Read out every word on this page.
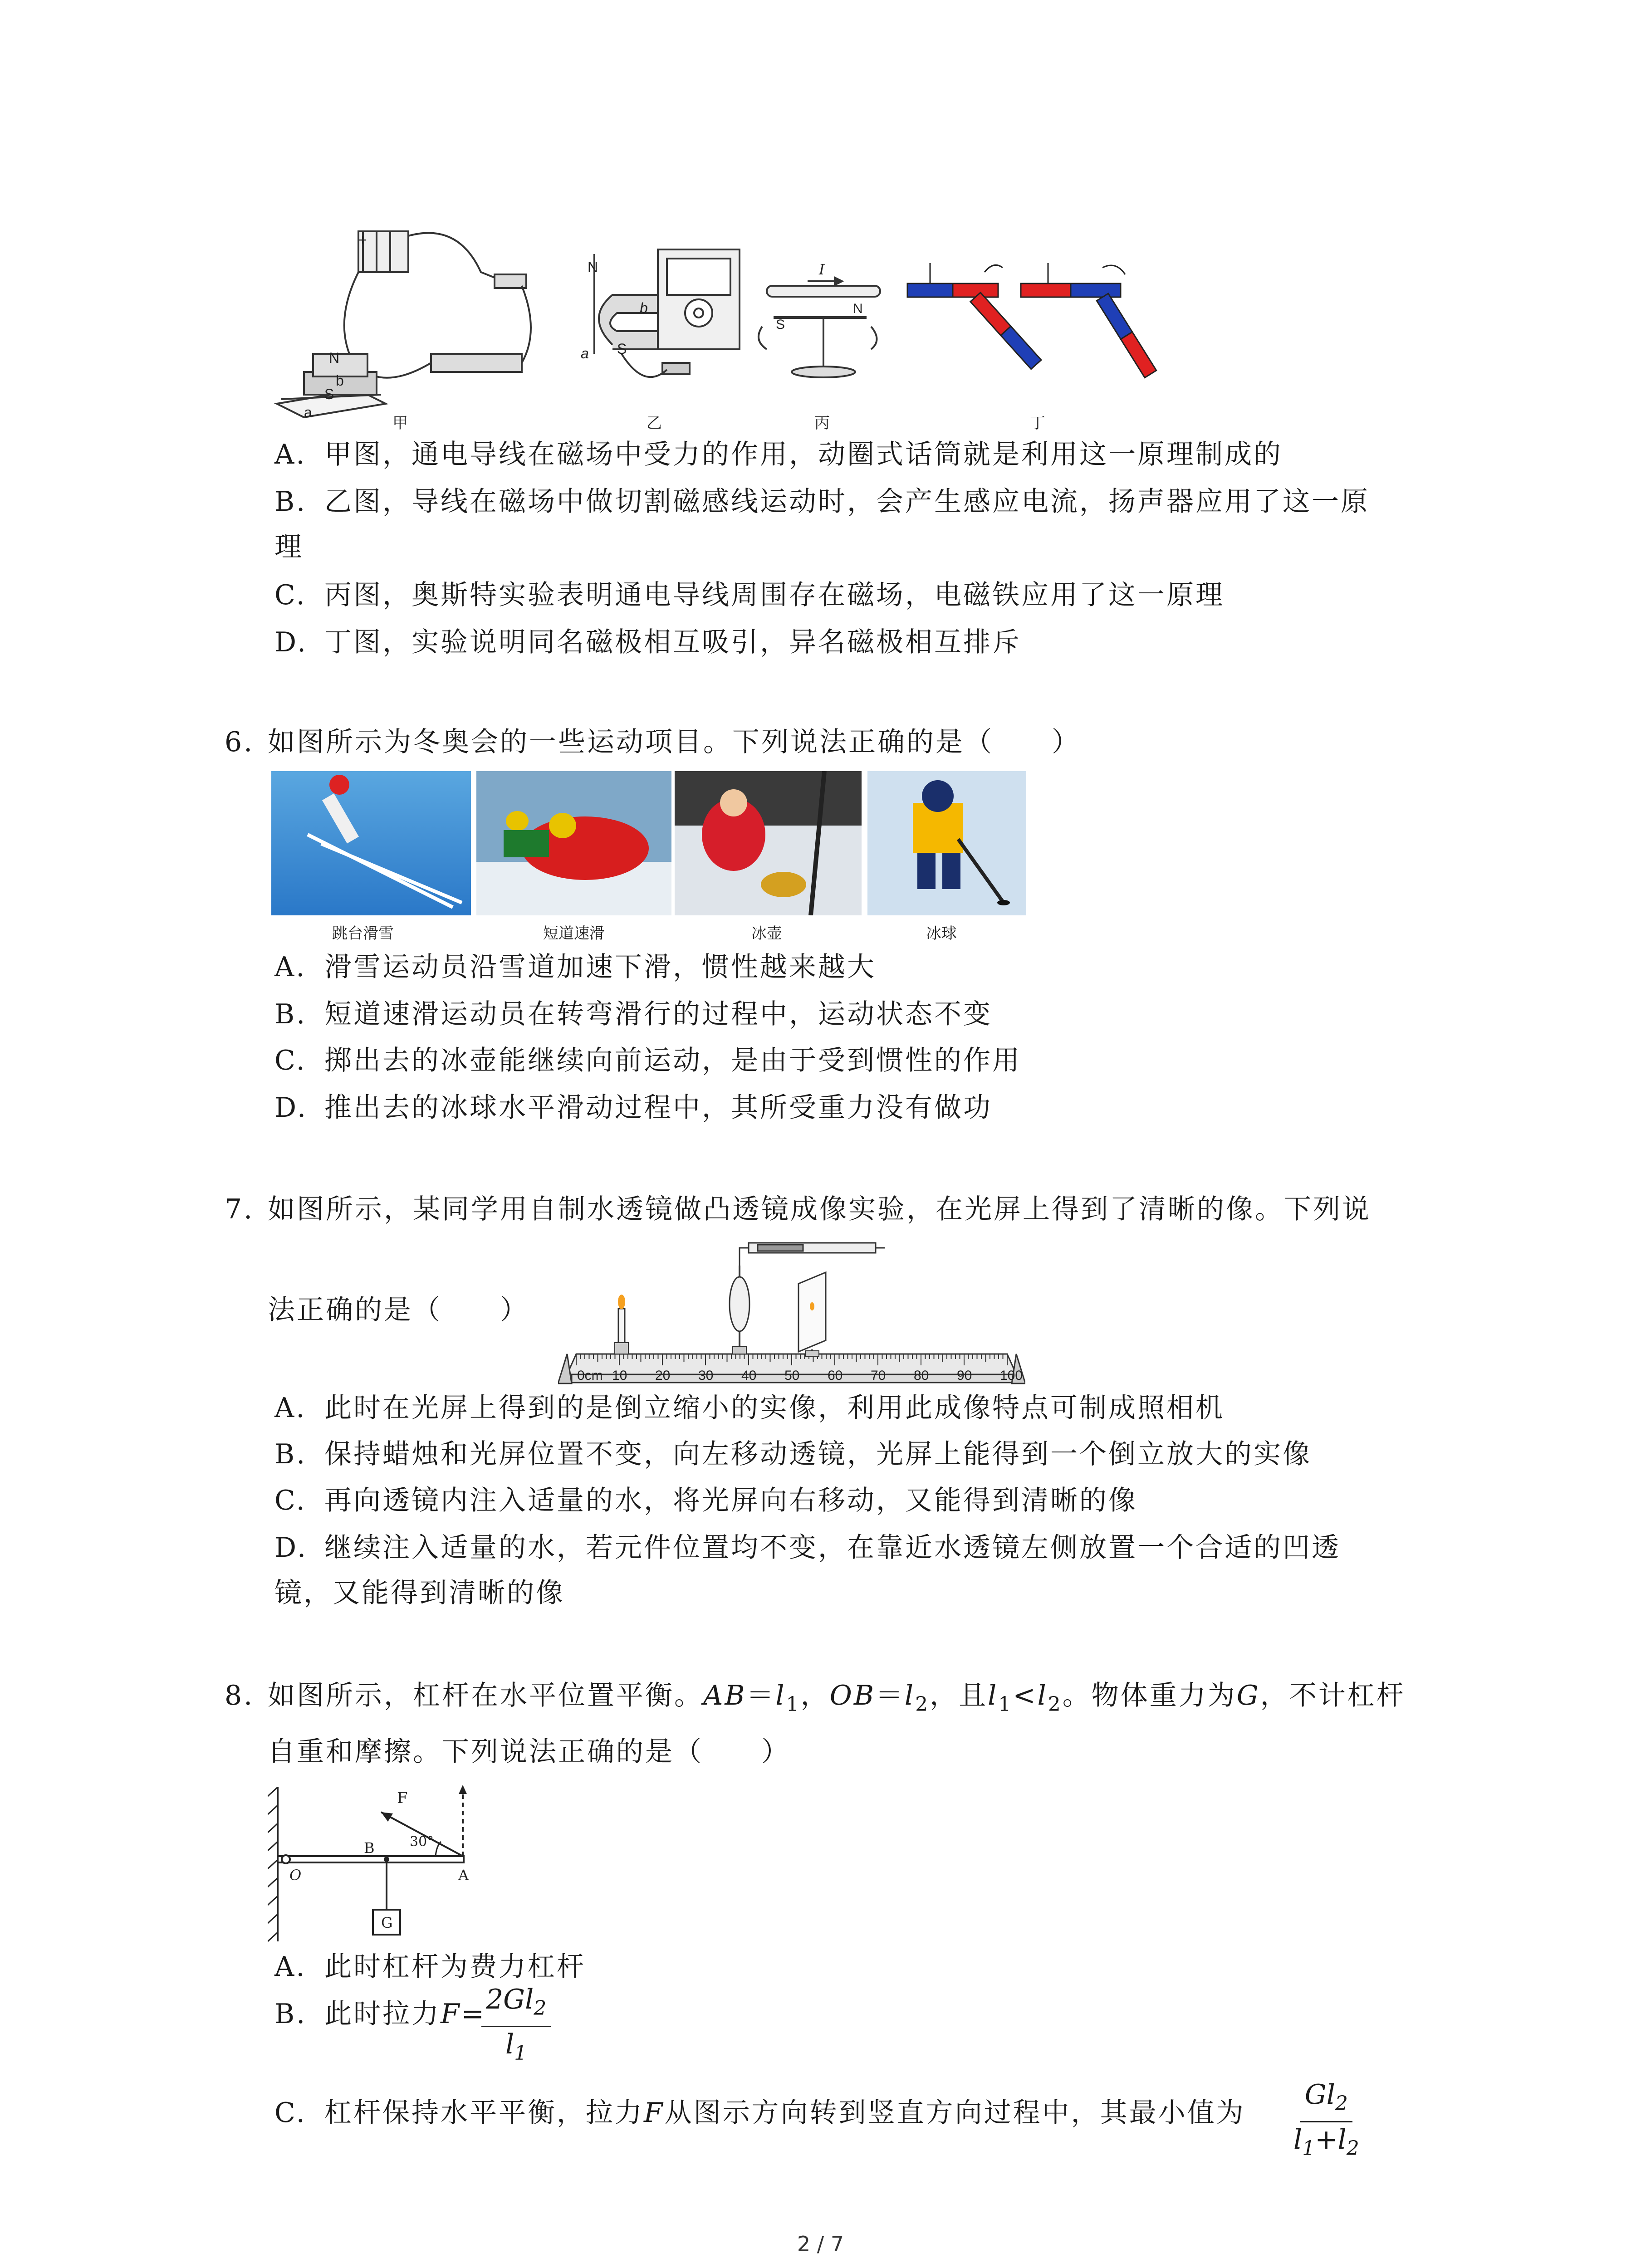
+
N
b
S
a
N
S
a
b
I
S
N
甲	乙	丙	丁
A. 甲图，通电导线在磁场中受力的作用，动圈式话筒就是利用这一原理制成的
B. 乙图，导线在磁场中做切割磁感线运动时，会产生感应电流，扬声器应用了这一原
理
C. 丙图，奥斯特实验表明通电导线周围存在磁场，电磁铁应用了这一原理
D. 丁图，实验说明同名磁极相互吸引，异名磁极相互排斥
6. 如图所示为冬奥会的一些运动项目。下列说法正确的是（　　）
跳台滑雪	短道速滑	冰壶	冰球
A. 滑雪运动员沿雪道加速下滑，惯性越来越大
B. 短道速滑运动员在转弯滑行的过程中，运动状态不变
C. 掷出去的冰壶能继续向前运动，是由于受到惯性的作用
D. 推出去的冰球水平滑动过程中，其所受重力没有做功
7. 如图所示，某同学用自制水透镜做凸透镜成像实验，在光屏上得到了清晰的像。下列说
法正确的是（　　）
0cm 10 20 30 40 50 60 70 80 90 100
A. 此时在光屏上得到的是倒立缩小的实像，利用此成像特点可制成照相机
B. 保持蜡烛和光屏位置不变，向左移动透镜，光屏上能得到一个倒立放大的实像
C. 再向透镜内注入适量的水，将光屏向右移动，又能得到清晰的像
D. 继续注入适量的水，若元件位置均不变，在靠近水透镜左侧放置一个合适的凹透
镜，又能得到清晰的像
8. 如图所示，杠杆在水平位置平衡。$AB=l_1$，$OB=l_2$，且$l_1<l_2$。物体重力为G，不计杠杆
自重和摩擦。下列说法正确的是（　　）
F
30°
B
O	A
G
A. 此时杠杆为费力杠杆
B. 此时拉力F=
$\frac{2Gl_2}{l_1}$
C. 杠杆保持水平平衡，拉力F从图示方向转到竖直方向过程中，其最小值为 $\frac{Gl_2}{l_1+l_2}$
2 / 7
